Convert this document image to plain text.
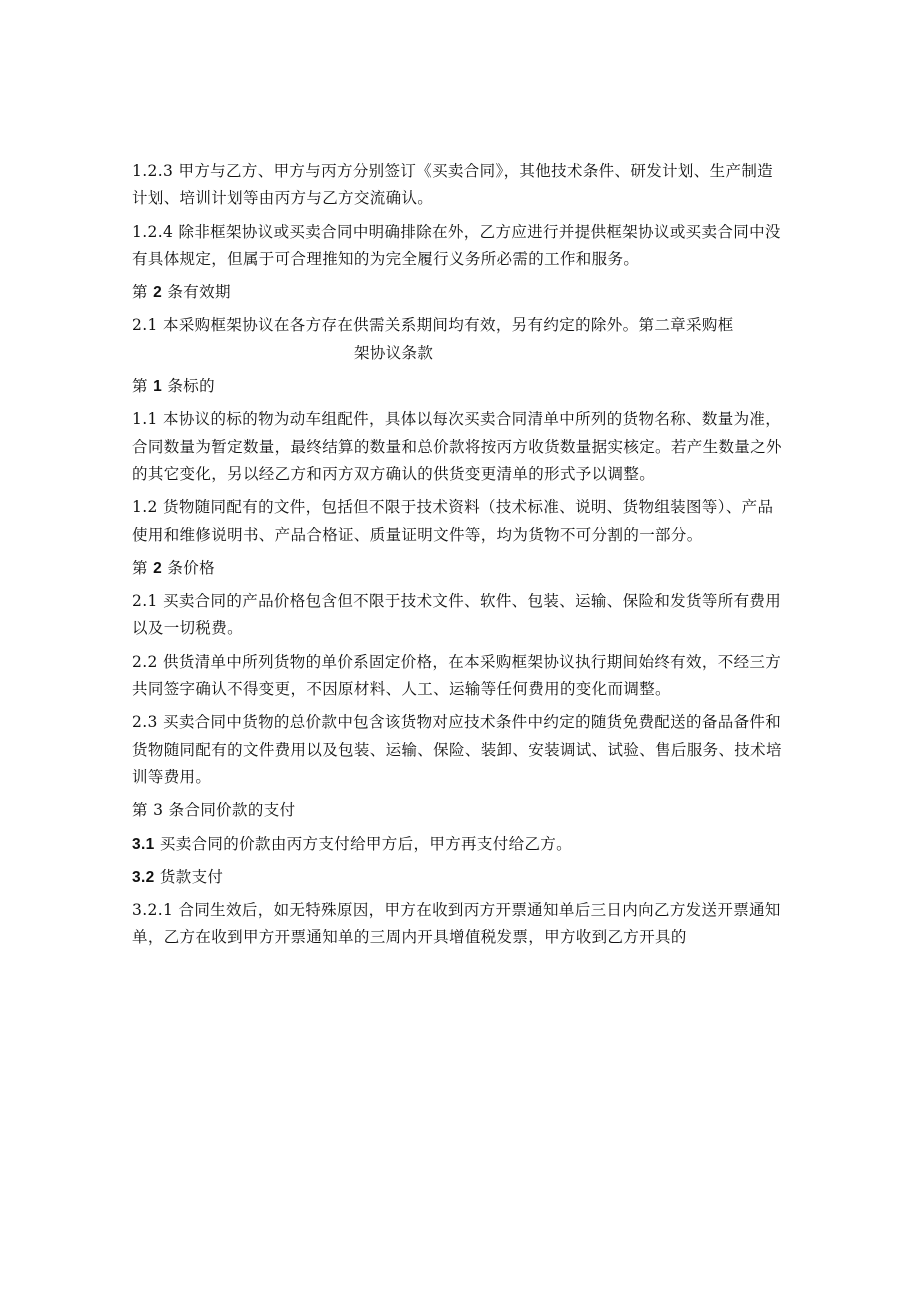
1.2.3 甲方与乙方、甲方与丙方分别签订《买卖合同》，其他技术条件、研发计划、生产制造计划、培训计划等由丙方与乙方交流确认。

1.2.4 除非框架协议或买卖合同中明确排除在外，乙方应进行并提供框架协议或买卖合同中没有具体规定，但属于可合理推知的为完全履行义务所必需的工作和服务。

第 2 条有效期

2.1 本采购框架协议在各方存在供需关系期间均有效，另有约定的除外。第二章采购框
架协议条款

第 1 条标的

1.1 本协议的标的物为动车组配件，具体以每次买卖合同清单中所列的货物名称、数量为准，合同数量为暂定数量，最终结算的数量和总价款将按丙方收货数量据实核定。若产生数量之外的其它变化，另以经乙方和丙方双方确认的供货变更清单的形式予以调整。

1.2 货物随同配有的文件，包括但不限于技术资料（技术标准、说明、货物组装图等）、产品使用和维修说明书、产品合格证、质量证明文件等，均为货物不可分割的一部分。

第 2 条价格

2.1 买卖合同的产品价格包含但不限于技术文件、软件、包装、运输、保险和发货等所有费用以及一切税费。

2.2 供货清单中所列货物的单价系固定价格，在本采购框架协议执行期间始终有效，不经三方共同签字确认不得变更，不因原材料、人工、运输等任何费用的变化而调整。

2.3 买卖合同中货物的总价款中包含该货物对应技术条件中约定的随货免费配送的备品备件和货物随同配有的文件费用以及包装、运输、保险、装卸、安装调试、试验、售后服务、技术培训等费用。

第 3 条合同价款的支付

3.1 买卖合同的价款由丙方支付给甲方后，甲方再支付给乙方。

3.2 货款支付

3.2.1 合同生效后，如无特殊原因，甲方在收到丙方开票通知单后三日内向乙方发送开票通知单，乙方在收到甲方开票通知单的三周内开具增值税发票，甲方收到乙方开具的
